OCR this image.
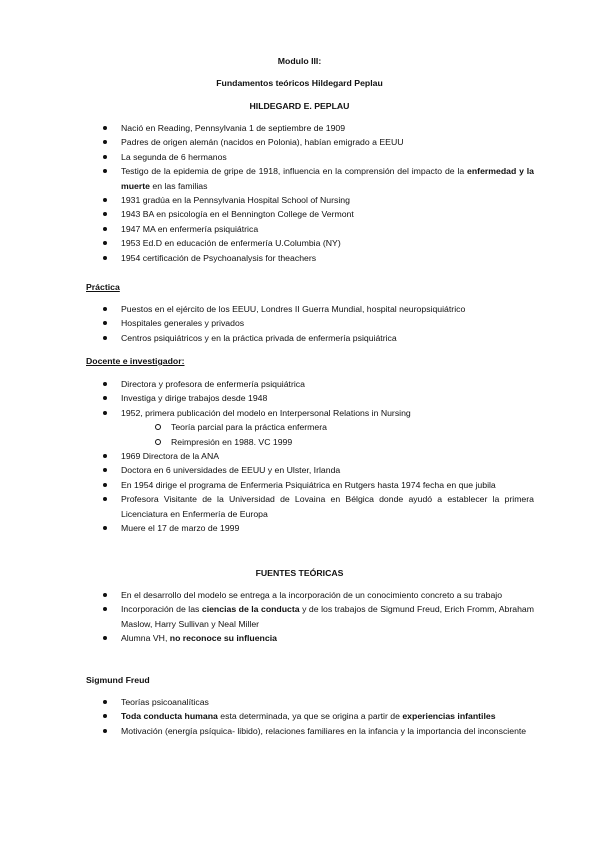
Modulo III:
Fundamentos teóricos Hildegard Peplau
HILDEGARD E. PEPLAU
Nació en Reading, Pennsylvania 1 de septiembre de 1909
Padres de origen alemán (nacidos en Polonia), habían emigrado a EEUU
La segunda de 6 hermanos
Testigo de la epidemia de gripe de 1918, influencia en la comprensión del impacto de la enfermedad y la muerte en las familias
1931 gradúa en la Pennsylvania Hospital School of Nursing
1943 BA en psicología en el Bennington College de Vermont
1947 MA en enfermería psiquiátrica
1953 Ed.D en educación de enfermería U.Columbia (NY)
1954 certificación de Psychoanalysis for theachers
Práctica
Puestos en el ejército de los EEUU, Londres II Guerra Mundial, hospital neuropsiquiátrico
Hospitales generales y privados
Centros psiquiátricos y en la práctica privada de enfermería psiquiátrica
Docente e investigador:
Directora y profesora de enfermería psiquiátrica
Investiga y dirige trabajos desde 1948
1952, primera publicación del modelo en Interpersonal Relations in Nursing
Teoría parcial para la práctica enfermera
Reimpresión en 1988. VC 1999
1969 Directora de la ANA
Doctora en 6 universidades de EEUU y en Ulster, Irlanda
En 1954 dirige el programa de Enfermeria Psiquiátrica en Rutgers hasta 1974 fecha en que jubila
Profesora Visitante de la Universidad de Lovaina en Bélgica donde ayudó a establecer la primera Licenciatura en Enfermería de Europa
Muere el 17 de marzo de 1999
FUENTES TEÓRICAS
En el desarrollo del modelo se entrega a la incorporación de un conocimiento concreto a su trabajo
Incorporación de las ciencias de la conducta y de los trabajos de Sigmund Freud, Erich Fromm, Abraham Maslow, Harry Sullivan y Neal Miller
Alumna VH, no reconoce su influencia
Sigmund Freud
Teorías psicoanalíticas
Toda conducta humana esta determinada, ya que se origina a partir de experiencias infantiles
Motivación (energía psíquica- libido), relaciones familiares en la infancia y la importancia del inconsciente
